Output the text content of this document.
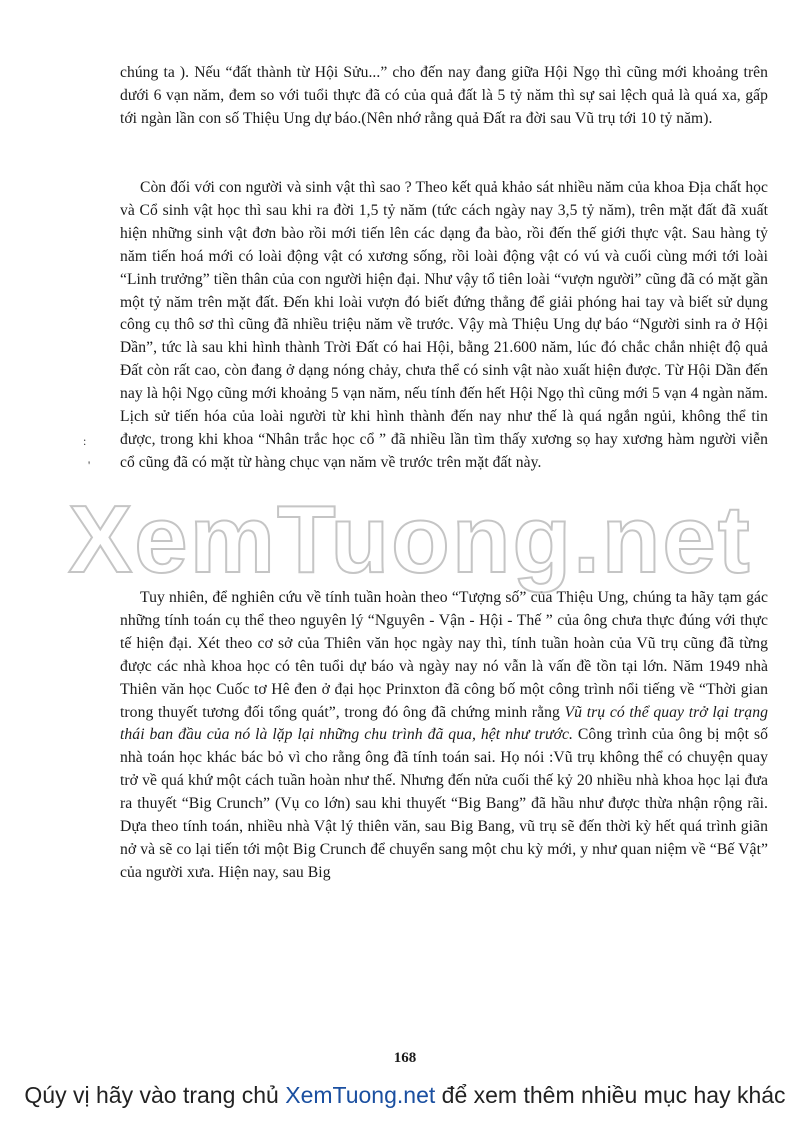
chúng ta ). Nếu “đất thành từ Hội Sửu...” cho đến nay đang giữa Hội Ngọ thì cũng mới khoảng trên dưới 6 vạn năm, đem so với tuổi thực đã có của quả đất là 5 tỷ năm thì sự sai lệch quả là quá xa, gấp tới ngàn lần con số Thiệu Ung dự báo.(Nên nhớ rằng quả Đất ra đời sau Vũ trụ tới 10 tỷ năm).

Còn đối với con người và sinh vật thì sao ? Theo kết quả khảo sát nhiều năm của khoa Địa chất học và Cổ sinh vật học thì sau khi ra đời 1,5 tỷ năm (tức cách ngày nay 3,5 tỷ năm), trên mặt đất đã xuất hiện những sinh vật đơn bào rồi mới tiến lên các dạng đa bào, rồi đến thế giới thực vật. Sau hàng tỷ năm tiến hoá mới có loài động vật có xương sống, rồi loài động vật có vú và cuối cùng mới tới loài “Linh trưởng” tiền thân của con người hiện đại. Như vậy tổ tiên loài “vượn người” cũng đã có mặt gần một tỷ năm trên mặt đất. Đến khi loài vượn đó biết đứng thẳng để giải phóng hai tay và biết sử dụng công cụ thô sơ thì cũng đã nhiều triệu năm về trước. Vậy mà Thiệu Ung dự báo “Người sinh ra ở Hội Dần”, tức là sau khi hình thành Trời Đất có hai Hội, bằng 21.600 năm, lúc đó chắc chắn nhiệt độ quả Đất còn rất cao, còn đang ở dạng nóng chảy, chưa thể có sinh vật nào xuất hiện được. Từ Hội Dần đến nay là hội Ngọ cũng mới khoảng 5 vạn năm, nếu tính đến hết Hội Ngọ thì cũng mới 5 vạn 4 ngàn năm. Lịch sử tiến hóa của loài người từ khi hình thành đến nay như thế là quá ngắn ngủi, không thể tin được, trong khi khoa “Nhân trắc học cổ ” đã nhiều lần tìm thấy xương sọ hay xương hàm người viễn cổ cũng đã có mặt từ hàng chục vạn năm về trước trên mặt đất này.

Tuy nhiên, để nghiên cứu về tính tuần hoàn theo “Tượng số” của Thiệu Ung, chúng ta hãy tạm gác những tính toán cụ thể theo nguyên lý “Nguyên - Vận - Hội - Thế ” của ông chưa thực đúng với thực tế hiện đại. Xét theo cơ sở của Thiên văn học ngày nay thì, tính tuần hoàn của Vũ trụ cũng đã từng được các nhà khoa học có tên tuổi dự báo và ngày nay nó vẫn là vấn đề tồn tại lớn. Năm 1949 nhà Thiên văn học Cuốc tơ Hê đen ở đại học Prinxton đã công bố một công trình nổi tiếng về “Thời gian trong thuyết tương đối tổng quát”, trong đó ông đã chứng minh rằng Vũ trụ có thể quay trở lại trạng thái ban đầu của nó là lặp lại những chu trình đã qua, hệt như trước. Công trình của ông bị một số nhà toán học khác bác bỏ vì cho rằng ông đã tính toán sai. Họ nói :Vũ trụ không thể có chuyện quay trở về quá khứ một cách tuần hoàn như thế. Nhưng đến nửa cuối thế kỷ 20 nhiều nhà khoa học lại đưa ra thuyết “Big Crunch” (Vụ co lớn) sau khi thuyết “Big Bang” đã hầu như được thừa nhận rộng rãi. Dựa theo tính toán, nhiều nhà Vật lý thiên văn, sau Big Bang, vũ trụ sẽ đến thời kỳ hết quá trình giãn nở và sẽ co lại tiến tới một Big Crunch để chuyển sang một chu kỳ mới, y như quan niệm về “Bế Vật” của người xưa. Hiện nay, sau Big

XemTuong.net
:
'
168
Qúy vị hãy vào trang chủ XemTuong.net để xem thêm nhiều mục hay khác
